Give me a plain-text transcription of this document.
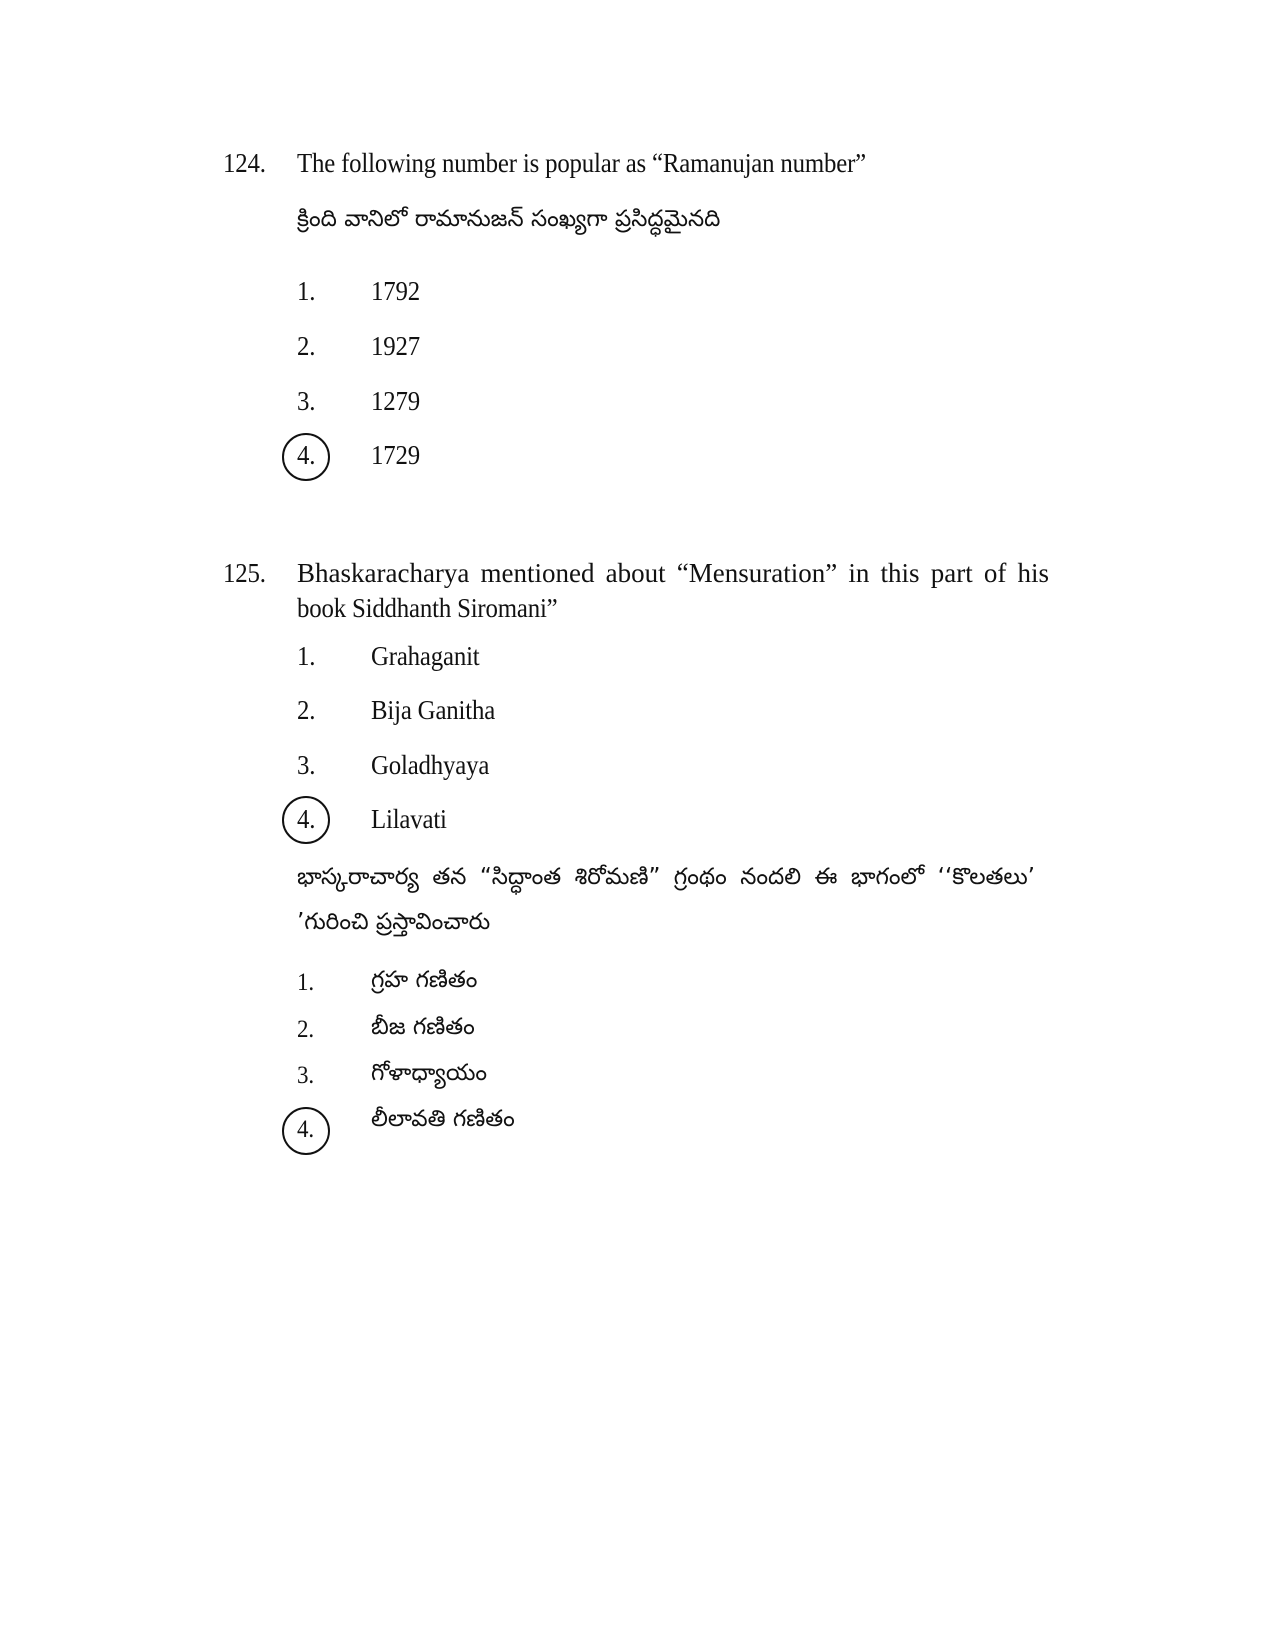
124. The following number is popular as “Ramanujan number”
క్రింది వానిలో రామానుజన్ సంఖ్యగా ప్రసిద్ధమైనది
1. 1792
2. 1927
3. 1279
4. 1729
125. Bhaskaracharya mentioned about “Mensuration” in this part of his
book Siddhanth Siromani”
1. Grahaganit
2. Bija Ganitha
3. Goladhyaya
4. Lilavati
భాస్కరాచార్య తన “సిద్ధాంత శిరోమణి” గ్రంథం నందలి ఈ భాగంలో ‘‘కొలతలు’
’గురించి ప్రస్తావించారు
1. గ్రహ గణితం
2. బీజ గణితం
3. గోళాధ్యాయం
4. లీలావతి గణితం
